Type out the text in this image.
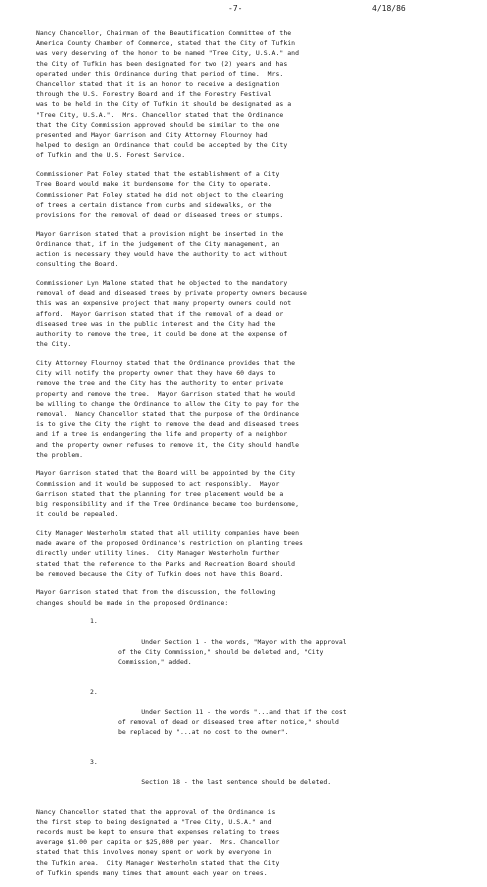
-7-	4/18/86

Nancy Chancellor, Chairman of the Beautification Committee of the
America County Chamber of Commerce, stated that the City of Tufkin
was very deserving of the honor to be named "Tree City, U.S.A." and
the City of Tufkin has been designated for two (2) years and has
operated under this Ordinance during that period of time.  Mrs.
Chancellor stated that it is an honor to receive a designation
through the U.S. Forestry Board and if the Forestry Festival
was to be held in the City of Tufkin it should be designated as a
"Tree City, U.S.A.".  Mrs. Chancellor stated that the Ordinance
that the City Commission approved should be similar to the one
presented and Mayor Garrison and City Attorney Flournoy had
helped to design an Ordinance that could be accepted by the City
of Tufkin and the U.S. Forest Service.

Commissioner Pat Foley stated that the establishment of a City
Tree Board would make it burdensome for the City to operate.
Commissioner Pat Foley stated he did not object to the clearing
of trees a certain distance from curbs and sidewalks, or the
provisions for the removal of dead or diseased trees or stumps.

Mayor Garrison stated that a provision might be inserted in the
Ordinance that, if in the judgement of the City management, an
action is necessary they would have the authority to act without
consulting the Board.

Commissioner Lyn Malone stated that he objected to the mandatory
removal of dead and diseased trees by private property owners because
this was an expensive project that many property owners could not
afford.  Mayor Garrison stated that if the removal of a dead or
diseased tree was in the public interest and the City had the
authority to remove the tree, it could be done at the expense of
the City.

City Attorney Flournoy stated that the Ordinance provides that the
City will notify the property owner that they have 60 days to
remove the tree and the City has the authority to enter private
property and remove the tree.  Mayor Garrison stated that he would
be willing to change the Ordinance to allow the City to pay for the
removal.  Nancy Chancellor stated that the purpose of the Ordinance
is to give the City the right to remove the dead and diseased trees
and if a tree is endangering the life and property of a neighbor
and the property owner refuses to remove it, the City should handle
the problem.

Mayor Garrison stated that the Board will be appointed by the City
Commission and it would be supposed to act responsibly.  Mayor
Garrison stated that the planning for tree placement would be a
big responsibility and if the Tree Ordinance became too burdensome,
it could be repealed.

City Manager Westerholm stated that all utility companies have been
made aware of the proposed Ordinance's restriction on planting trees
directly under utility lines.  City Manager Westerholm further
stated that the reference to the Parks and Recreation Board should
be removed because the City of Tufkin does not have this Board.

Mayor Garrison stated that from the discussion, the following
changes should be made in the proposed Ordinance:

1.

Under Section 1 - the words, "Mayor with the approval
of the City Commission," should be deleted and, "City
Commission," added.

2.

Under Section 11 - the words "...and that if the cost
of removal of dead or diseased tree after notice," should
be replaced by "...at no cost to the owner".

3.

Section 18 - the last sentence should be deleted.

Nancy Chancellor stated that the approval of the Ordinance is
the first step to being designated a "Tree City, U.S.A." and
records must be kept to ensure that expenses relating to trees
average $1.00 per capita or $25,000 per year.  Mrs. Chancellor
stated that this involves money spent or work by everyone in
the Tufkin area.  City Manager Westerholm stated that the City
of Tufkin spends many times that amount each year on trees.
